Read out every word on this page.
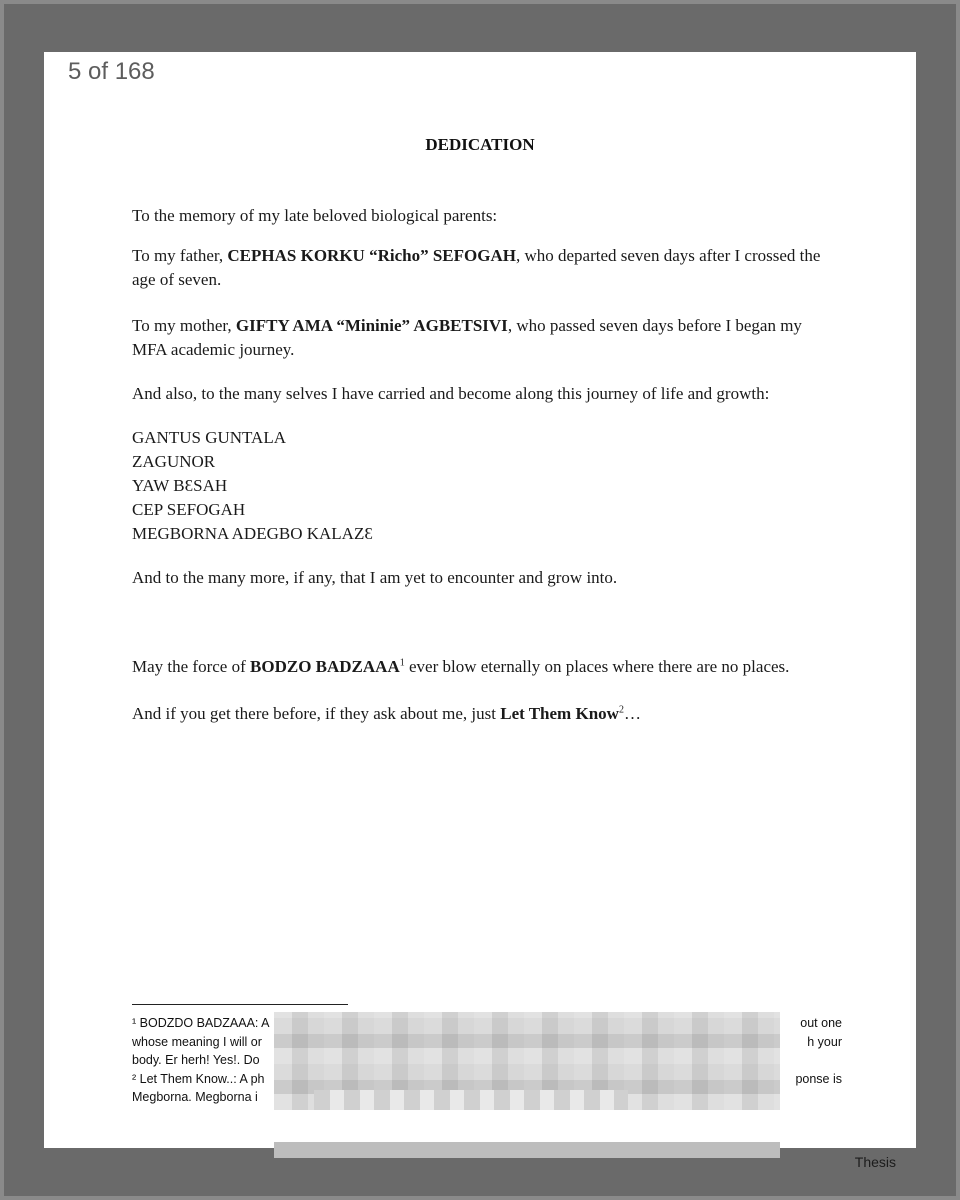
DEDICATION
To the memory of my late beloved biological parents:
To my father, CEPHAS KORKU “Richo” SEFOGAH, who departed seven days after I crossed the age of seven.
To my mother, GIFTY AMA “Mininie” AGBETSIVI, who passed seven days before I began my MFA academic journey.
And also, to the many selves I have carried and become along this journey of life and growth:
GANTUS GUNTALA
ZAGUNOR
YAW BƐSAH
CEP SEFOGAH
MEGBORNA ADEGBO KALAZƐ
And to the many more, if any, that I am yet to encounter and grow into.
May the force of BODZO BADZAAA$^1$ ever blow eternally on places where there are no places.
And if you get there before, if they ask about me, just Let Them Know$^2$…
¹ BODZDO BADZAAA: A	out one
whose meaning I will or	h your
body. Er herh! Yes!. Do
² Let Them Know..: A ph	ponse is
Megborna. Megborna i
5 of 168
Thesis
